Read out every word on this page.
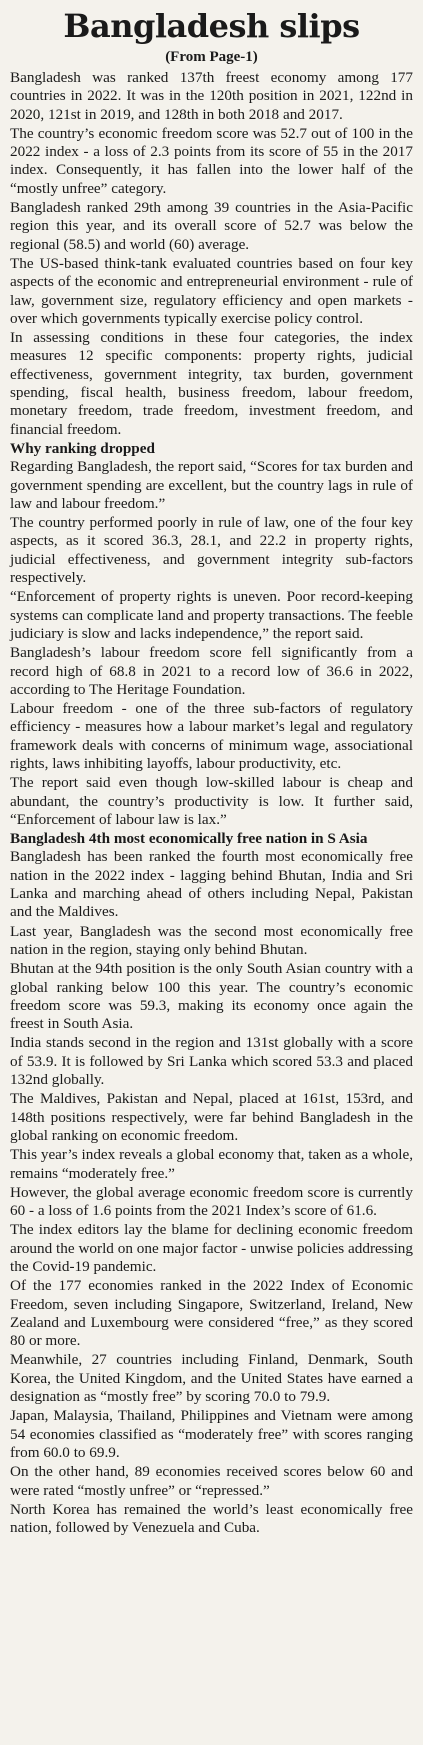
Bangladesh slips
(From Page-1)

Bangladesh was ranked 137th freest economy among 177 countries in 2022. It was in the 120th position in 2021, 122nd in 2020, 121st in 2019, and 128th in both 2018 and 2017.

The country’s economic freedom score was 52.7 out of 100 in the 2022 index - a loss of 2.3 points from its score of 55 in the 2017 index. Consequently, it has fallen into the lower half of the “mostly unfree” category.

Bangladesh ranked 29th among 39 countries in the Asia-Pacific region this year, and its overall score of 52.7 was below the regional (58.5) and world (60) average.

The US-based think-tank evaluated countries based on four key aspects of the economic and entrepreneurial environment - rule of law, government size, regulatory efficiency and open markets - over which governments typically exercise policy control.

In assessing conditions in these four categories, the index measures 12 specific components: property rights, judicial effectiveness, government integrity, tax burden, government spending, fiscal health, business freedom, labour freedom, monetary freedom, trade freedom, investment freedom, and financial freedom.

Why ranking dropped

Regarding Bangladesh, the report said, “Scores for tax burden and government spending are excellent, but the country lags in rule of law and labour freedom.”

The country performed poorly in rule of law, one of the four key aspects, as it scored 36.3, 28.1, and 22.2 in property rights, judicial effectiveness, and government integrity sub-factors respectively.

“Enforcement of property rights is uneven. Poor record-keeping systems can complicate land and property transactions. The feeble judiciary is slow and lacks independence,” the report said.

Bangladesh’s labour freedom score fell significantly from a record high of 68.8 in 2021 to a record low of 36.6 in 2022, according to The Heritage Foundation.

Labour freedom - one of the three sub-factors of regulatory efficiency - measures how a labour market’s legal and regulatory framework deals with concerns of minimum wage, associational rights, laws inhibiting layoffs, labour productivity, etc.

The report said even though low-skilled labour is cheap and abundant, the country’s productivity is low. It further said, “Enforcement of labour law is lax.”

Bangladesh 4th most economically free nation in S Asia

Bangladesh has been ranked the fourth most economically free nation in the 2022 index - lagging behind Bhutan, India and Sri Lanka and marching ahead of others including Nepal, Pakistan and the Maldives.

Last year, Bangladesh was the second most economically free nation in the region, staying only behind Bhutan.

Bhutan at the 94th position is the only South Asian country with a global ranking below 100 this year. The country’s economic freedom score was 59.3, making its economy once again the freest in South Asia.

India stands second in the region and 131st globally with a score of 53.9. It is followed by Sri Lanka which scored 53.3 and placed 132nd globally.

The Maldives, Pakistan and Nepal, placed at 161st, 153rd, and 148th positions respectively, were far behind Bangladesh in the global ranking on economic freedom.

This year’s index reveals a global economy that, taken as a whole, remains “moderately free.”

However, the global average economic freedom score is currently 60 - a loss of 1.6 points from the 2021 Index’s score of 61.6.

The index editors lay the blame for declining economic freedom around the world on one major factor - unwise policies addressing the Covid-19 pandemic.

Of the 177 economies ranked in the 2022 Index of Economic Freedom, seven including Singapore, Switzerland, Ireland, New Zealand and Luxembourg were considered “free,” as they scored 80 or more.

Meanwhile, 27 countries including Finland, Denmark, South Korea, the United Kingdom, and the United States have earned a designation as “mostly free” by scoring 70.0 to 79.9.

Japan, Malaysia, Thailand, Philippines and Vietnam were among 54 economies classified as “moderately free” with scores ranging from 60.0 to 69.9.

On the other hand, 89 economies received scores below 60 and were rated “mostly unfree” or “repressed.”

North Korea has remained the world’s least economically free nation, followed by Venezuela and Cuba.
